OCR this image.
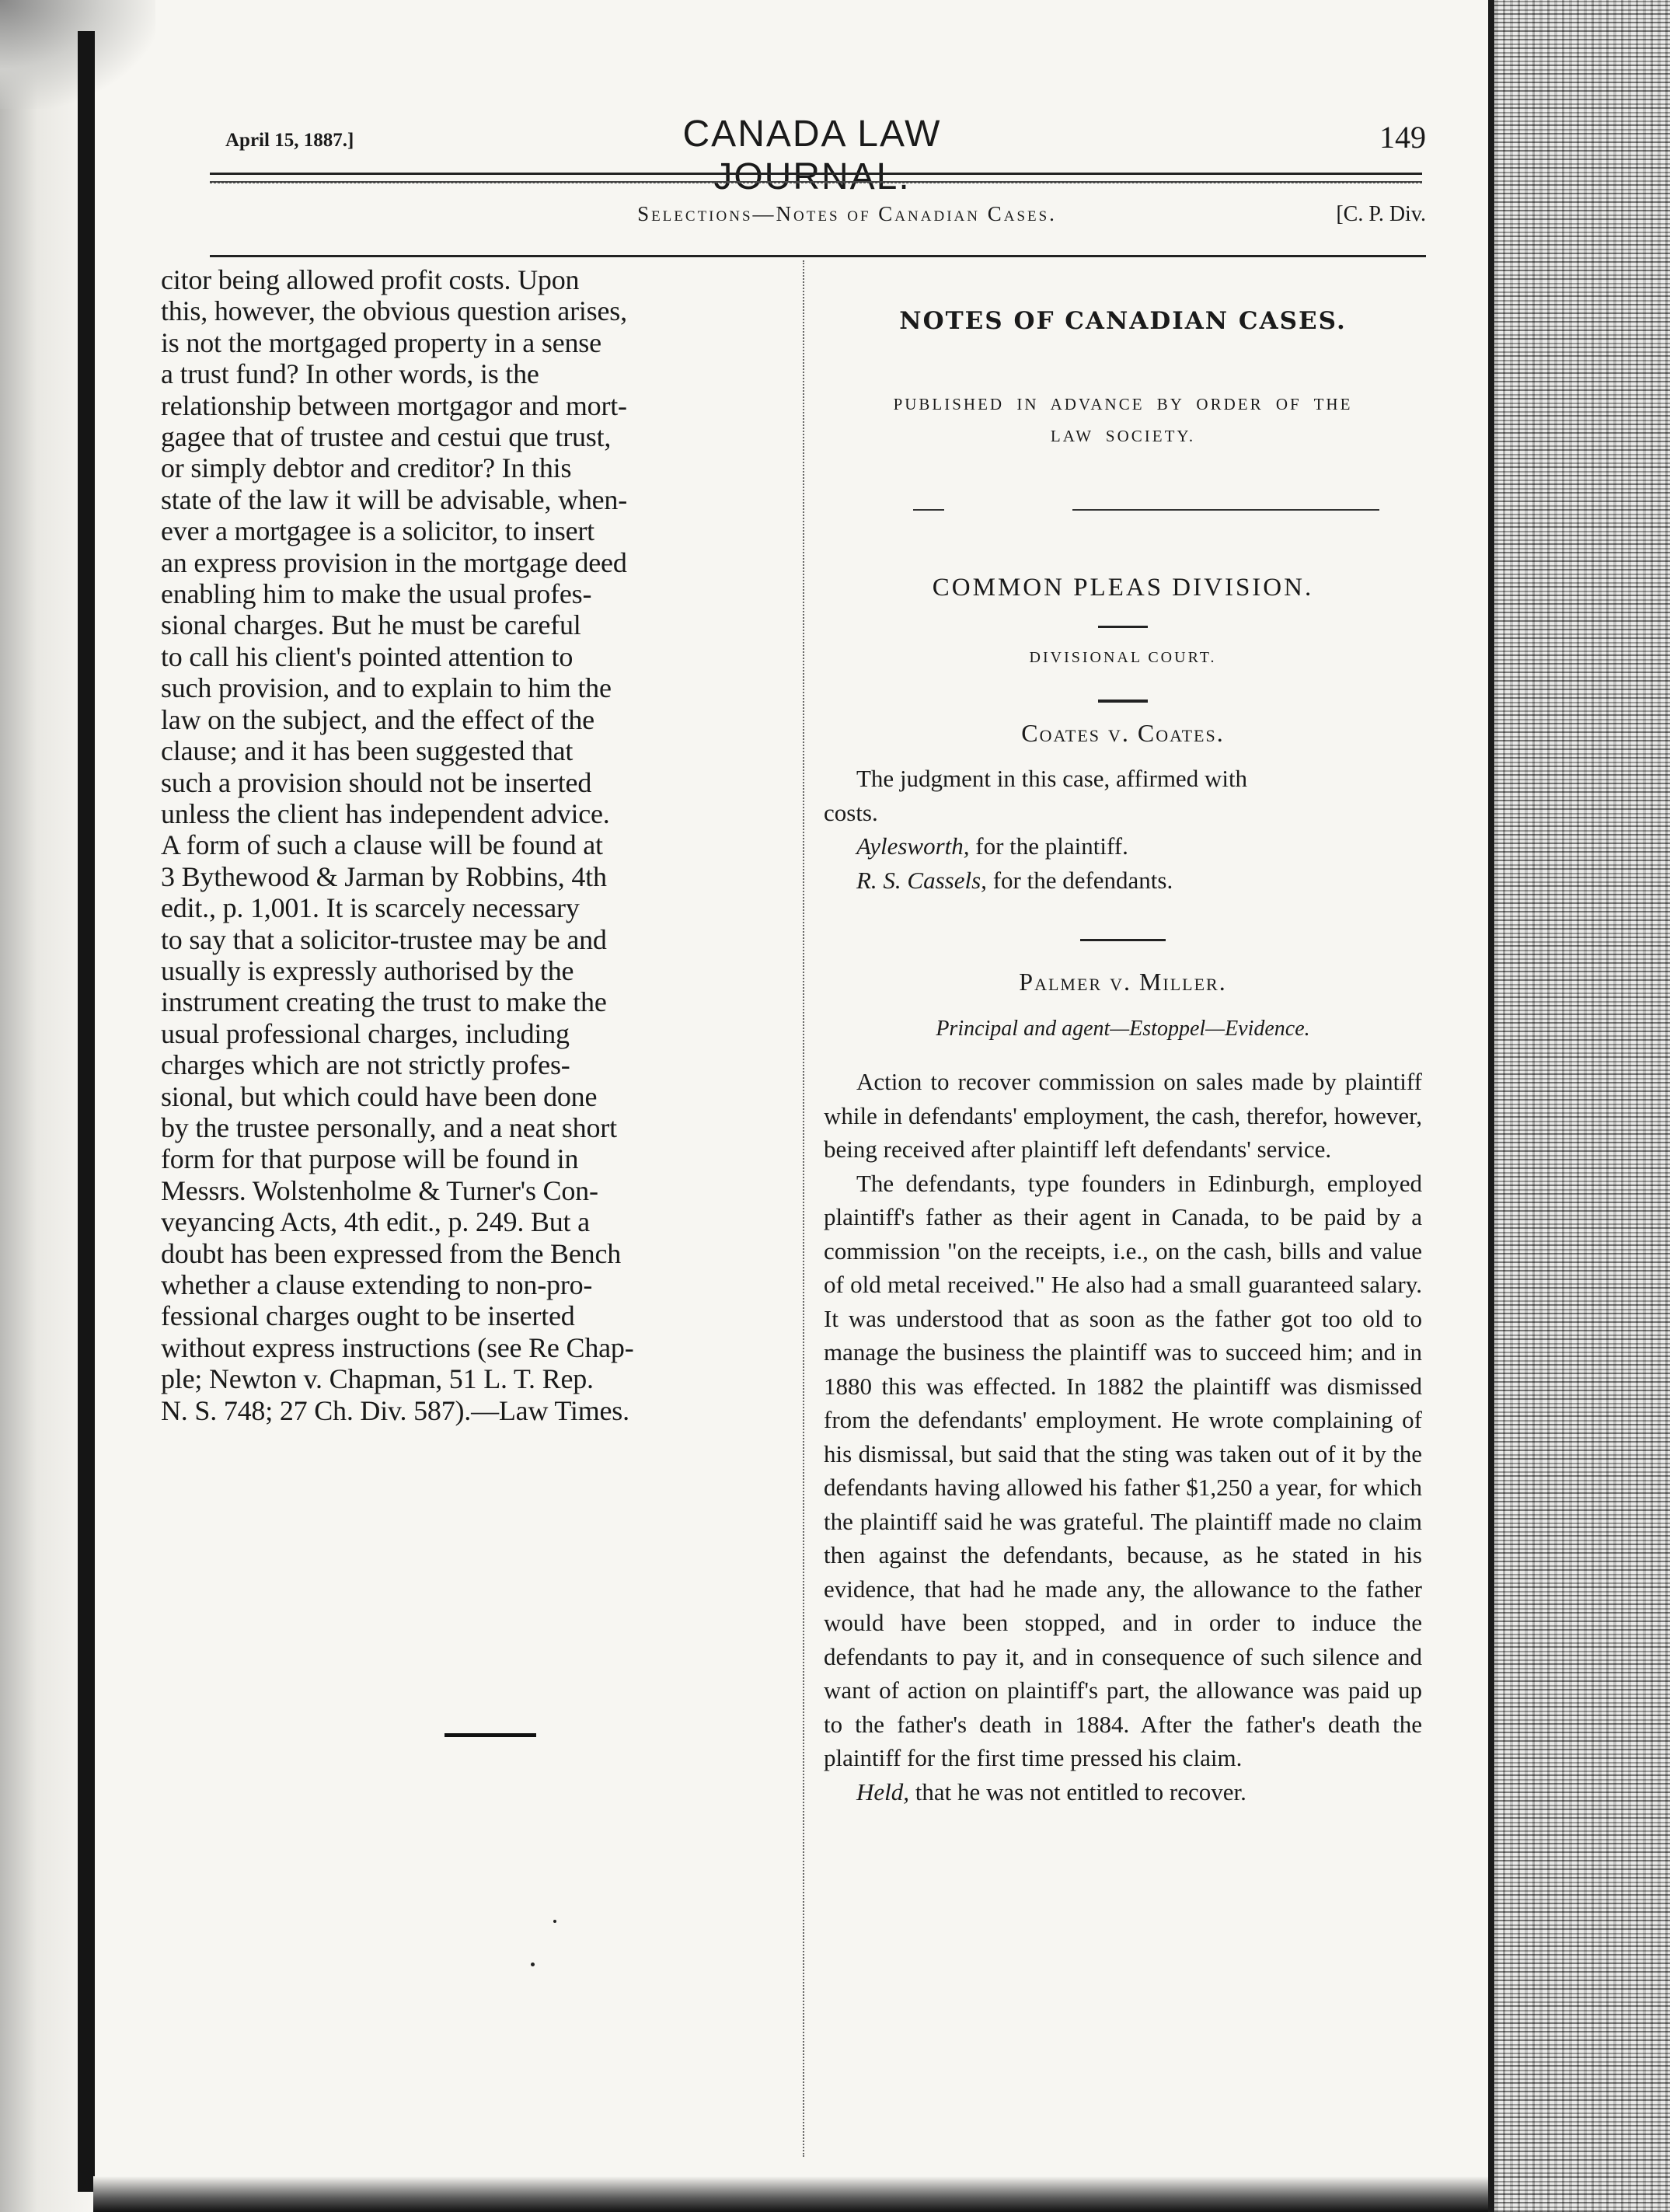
April 15, 1887.]	CANADA LAW JOURNAL.
149
Selections—Notes of Canadian Cases.	[C. P. Div.

citor being allowed profit costs. Upon

this, however, the obvious question arises,

is not the mortgaged property in a sense

a trust fund? In other words, is the

relationship between mortgagor and mort-

gagee that of trustee and cestui que trust,

or simply debtor and creditor? In this

state of the law it will be advisable, when-

ever a mortgagee is a solicitor, to insert

an express provision in the mortgage deed

enabling him to make the usual profes-

sional charges. But he must be careful

to call his client's pointed attention to

such provision, and to explain to him the

law on the subject, and the effect of the

clause; and it has been suggested that

such a provision should not be inserted

unless the client has independent advice.

A form of such a clause will be found at

3 Bythewood & Jarman by Robbins, 4th

edit., p. 1,001. It is scarcely necessary

to say that a solicitor-trustee may be and

usually is expressly authorised by the

instrument creating the trust to make the

usual professional charges, including

charges which are not strictly profes-

sional, but which could have been done

by the trustee personally, and a neat short

form for that purpose will be found in

Messrs. Wolstenholme & Turner's Con-

veyancing Acts, 4th edit., p. 249. But a

doubt has been expressed from the Bench

whether a clause extending to non-pro-

fessional charges ought to be inserted

without express instructions (see Re Chap-

ple; Newton v. Chapman, 51 L. T. Rep.

N. S. 748; 27 Ch. Div. 587).—Law Times.

NOTES OF CANADIAN CASES.
PUBLISHED IN ADVANCE BY ORDER OF THE
LAW SOCIETY.
COMMON PLEAS DIVISION.
DIVISIONAL COURT.
Coates v. Coates.

The judgment in this case, affirmed with

costs.

Aylesworth, for the plaintiff.

R. S. Cassels, for the defendants.

Palmer v. Miller.
Principal and agent—Estoppel—Evidence.

Action to recover commission on sales made by plaintiff while in defendants' employment, the cash, therefor, however, being received after plaintiff left defendants' service.

The defendants, type founders in Edinburgh, employed plaintiff's father as their agent in Canada, to be paid by a commission "on the receipts, i.e., on the cash, bills and value of old metal received." He also had a small guaranteed salary. It was understood that as soon as the father got too old to manage the business the plaintiff was to succeed him; and in 1880 this was effected. In 1882 the plaintiff was dismissed from the defendants' employment. He wrote complaining of his dismissal, but said that the sting was taken out of it by the defendants having allowed his father $1,250 a year, for which the plaintiff said he was grateful. The plaintiff made no claim then against the defendants, because, as he stated in his evidence, that had he made any, the allowance to the father would have been stopped, and in order to induce the defendants to pay it, and in consequence of such silence and want of action on plaintiff's part, the allowance was paid up to the father's death in 1884. After the father's death the plaintiff for the first time pressed his claim.

Held, that he was not entitled to recover.
